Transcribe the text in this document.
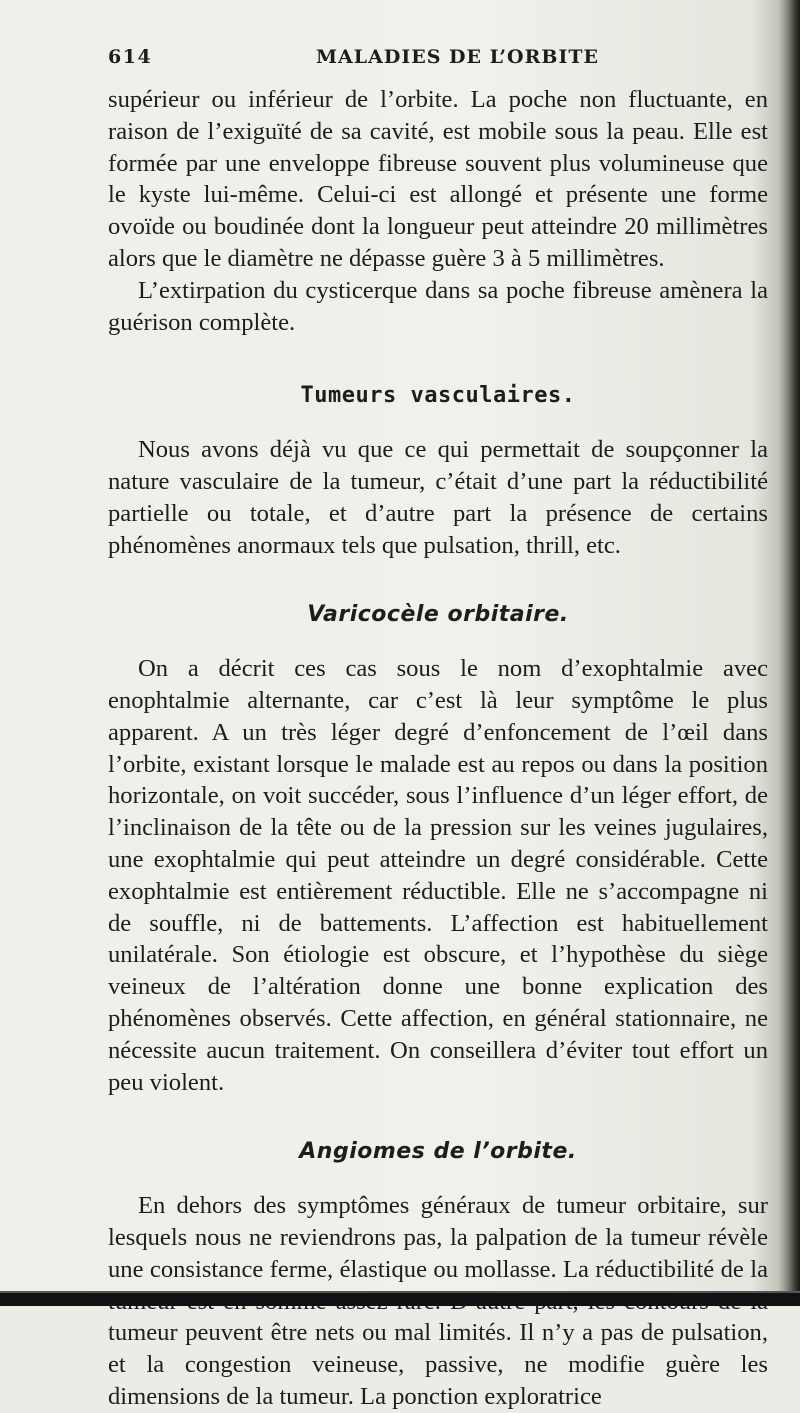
614	MALADIES DE L’ORBITE

supérieur ou inférieur de l’orbite. La poche non fluctuante, en raison de l’exiguïté de sa cavité, est mobile sous la peau. Elle est formée par une enveloppe fibreuse souvent plus volumineuse que le kyste lui-même. Celui-ci est allongé et présente une forme ovoïde ou boudinée dont la longueur peut atteindre 20 millimètres alors que le diamètre ne dépasse guère 3 à 5 millimètres.

L’extirpation du cysticerque dans sa poche fibreuse amènera la guérison complète.

Tumeurs vasculaires.

Nous avons déjà vu que ce qui permettait de soupçonner la nature vasculaire de la tumeur, c’était d’une part la réductibilité partielle ou totale, et d’autre part la présence de certains phénomènes anormaux tels que pulsation, thrill, etc.

Varicocèle orbitaire.

On a décrit ces cas sous le nom d’exophtalmie avec enophtalmie alternante, car c’est là leur symptôme le plus apparent. A un très léger degré d’enfoncement de l’œil dans l’orbite, existant lorsque le malade est au repos ou dans la position horizontale, on voit succéder, sous l’influence d’un léger effort, de l’inclinaison de la tête ou de la pression sur les veines jugulaires, une exophtalmie qui peut atteindre un degré considérable. Cette exophtalmie est entièrement réductible. Elle ne s’accompagne ni de souffle, ni de battements. L’affection est habituellement unilatérale. Son étiologie est obscure, et l’hypothèse du siège veineux de l’altération donne une bonne explication des phénomènes observés. Cette affection, en général stationnaire, ne nécessite aucun traitement. On conseillera d’éviter tout effort un peu violent.

Angiomes de l’orbite.

En dehors des symptômes généraux de tumeur orbitaire, sur lesquels nous ne reviendrons pas, la palpation de la tumeur révèle une consistance ferme, élastique ou mollasse. La réductibilité de la tumeur peuvent être nets ou mal limités. Il n’y a pas de pulsation, et la congestion veineuse, passive, ne modifie guère les dimensions de la tumeur. La ponction exploratrice
